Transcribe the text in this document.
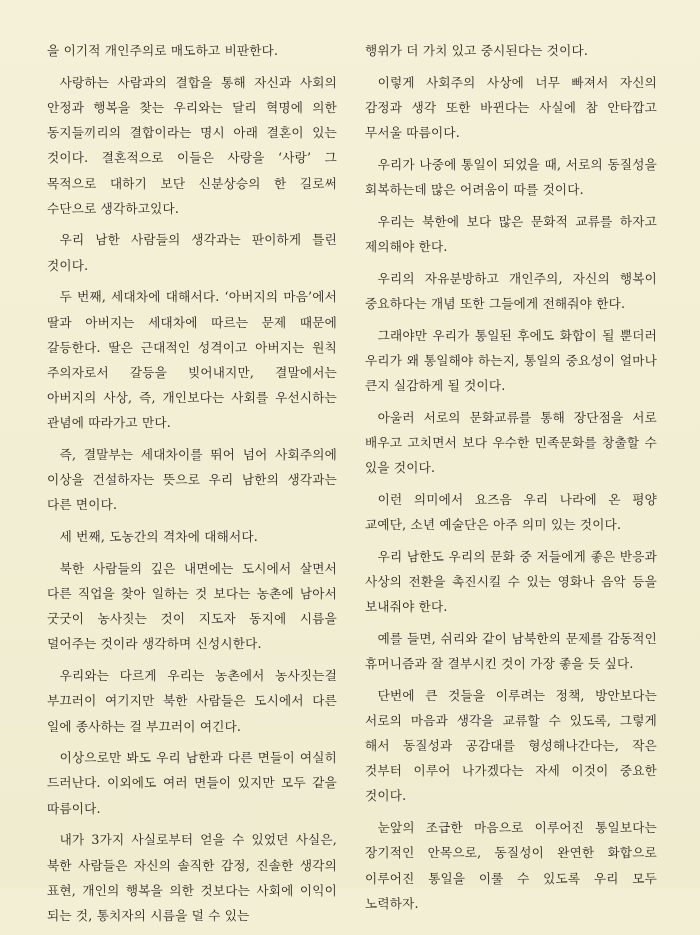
을 이기적 개인주의로 매도하고 비판한다.

사랑하는 사람과의 결합을 통해 자신과 사회의 안정과 행복을 찾는 우리와는 달리 혁명에 의한 동지들끼리의 결합이라는 명시 아래 결혼이 있는 것이다. 결혼적으로 이들은 사랑을 ‘사랑’ 그 목적으로 대하기 보단 신분상승의 한 길로써 수단으로 생각하고있다.

우리 남한 사람들의 생각과는 판이하게 틀린 것이다.

두 번째, 세대차에 대해서다. ‘아버지의 마음’에서 딸과 아버지는 세대차에 따르는 문제 때문에 갈등한다. 딸은 근대적인 성격이고 아버지는 원칙 주의자로서 갈등을 빚어내지만, 결말에서는 아버지의 사상, 즉, 개인보다는 사회를 우선시하는 관념에 따라가고 만다.

즉, 결말부는 세대차이를 뛰어 넘어 사회주의에 이상을 건설하자는 뜻으로 우리 남한의 생각과는 다른 면이다.

세 번째, 도농간의 격차에 대해서다.

북한 사람들의 깊은 내면에는 도시에서 살면서 다른 직업을 찾아 일하는 것 보다는 농촌에 남아서 굿굿이 농사짓는 것이 지도자 동지에 시름을 덜어주는 것이라 생각하며 신성시한다.

우리와는 다르게 우리는 농촌에서 농사짓는걸 부끄러이 여기지만 북한 사람들은 도시에서 다른 일에 종사하는 걸 부끄러이 여긴다.

이상으로만 봐도 우리 남한과 다른 면들이 여실히 드러난다. 이외에도 여러 면들이 있지만 모두 같을 따름이다.

내가 3가지 사실로부터 얻을 수 있었던 사실은, 북한 사람들은 자신의 솔직한 감정, 진솔한 생각의 표현, 개인의 행복을 의한 것보다는 사회에 이익이 되는 것, 통치자의 시름을 덜 수 있는

행위가 더 가치 있고 중시된다는 것이다.

이렇게 사회주의 사상에 너무 빠져서 자신의 감정과 생각 또한 바뀐다는 사실에 참 안타깝고 무서울 따름이다.

우리가 나중에 통일이 되었을 때, 서로의 동질성을 회복하는데 많은 어려움이 따를 것이다.

우리는 북한에 보다 많은 문화적 교류를 하자고 제의해야 한다.

우리의 자유분방하고 개인주의, 자신의 행복이 중요하다는 개념 또한 그들에게 전해줘야 한다.

그래야만 우리가 통일된 후에도 화합이 될 뿐더러 우리가 왜 통일해야 하는지, 통일의 중요성이 얼마나 큰지 실감하게 될 것이다.

아울러 서로의 문화교류를 통해 장단점을 서로 배우고 고치면서 보다 우수한 민족문화를 창출할 수 있을 것이다.

이런 의미에서 요즈음 우리 나라에 온 평양 교예단, 소년 예술단은 아주 의미 있는 것이다.

우리 남한도 우리의 문화 중 저들에게 좋은 반응과 사상의 전환을 촉진시킬 수 있는 영화나 음악 등을 보내줘야 한다.

예를 들면, 쉬리와 같이 남북한의 문제를 감동적인 휴머니즘과 잘 결부시킨 것이 가장 좋을 듯 싶다.

단번에 큰 것들을 이루려는 정책, 방안보다는 서로의 마음과 생각을 교류할 수 있도록, 그렇게 해서 동질성과 공감대를 형성해나간다는, 작은 것부터 이루어 나가겠다는 자세 이것이 중요한 것이다.

눈앞의 조급한 마음으로 이루어진 통일보다는 장기적인 안목으로, 동질성이 완연한 화합으로 이루어진 통일을 이룰 수 있도록 우리 모두 노력하자.
